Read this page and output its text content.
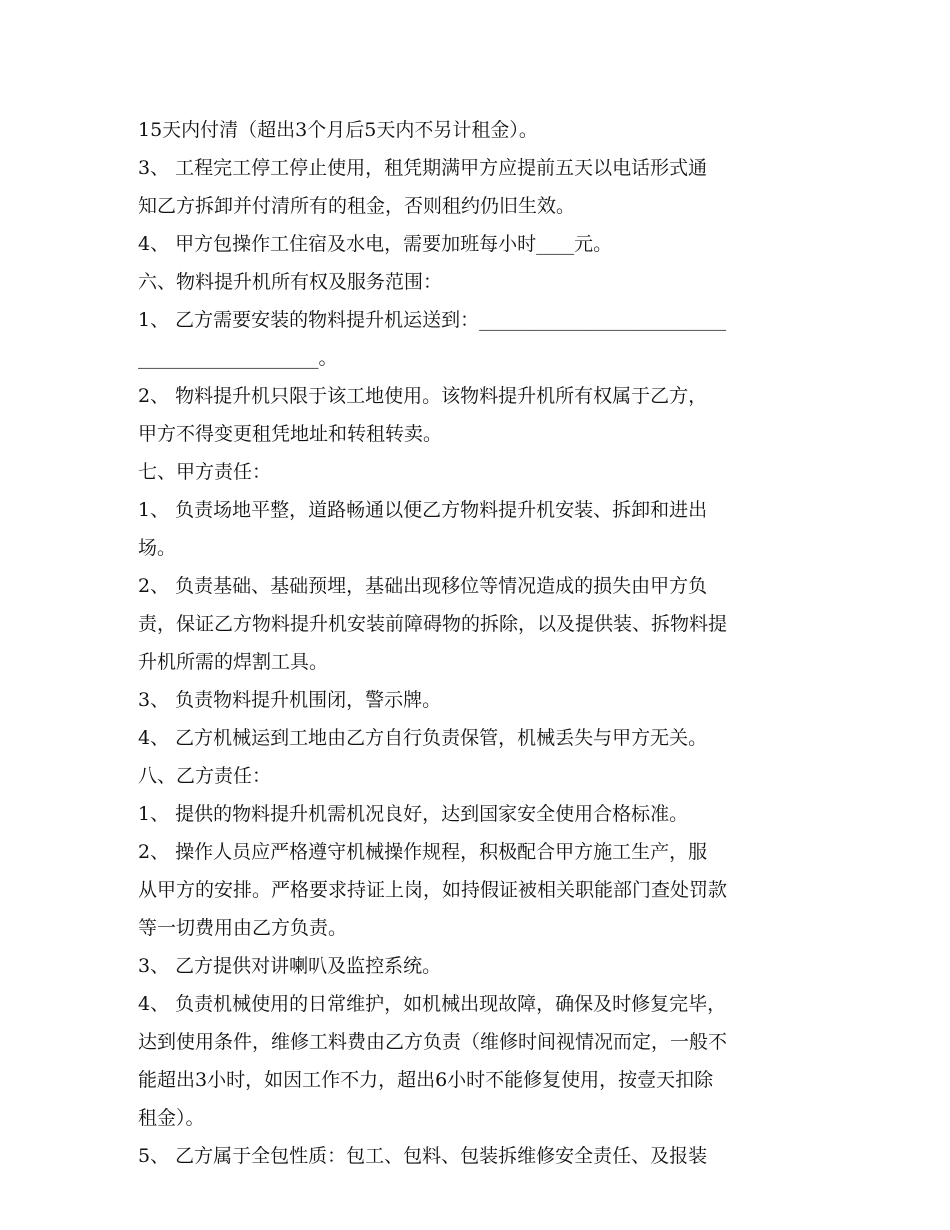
15天内付清（超出3个月后5天内不另计租金）。
3、 工程完工停工停止使用，租凭期满甲方应提前五天以电话形式通
知乙方拆卸并付清所有的租金，否则租约仍旧生效。
4、 甲方包操作工住宿及水电，需要加班每小时____元。
六、物料提升机所有权及服务范围：
1、 乙方需要安装的物料提升机运送到：__________________________
___________________。
2、 物料提升机只限于该工地使用。该物料提升机所有权属于乙方，
甲方不得变更租凭地址和转租转卖。
七、甲方责任：
1、 负责场地平整，道路畅通以便乙方物料提升机安装、拆卸和进出
场。
2、 负责基础、基础预埋，基础出现移位等情况造成的损失由甲方负
责，保证乙方物料提升机安装前障碍物的拆除，以及提供装、拆物料提
升机所需的焊割工具。
3、 负责物料提升机围闭，警示牌。
4、 乙方机械运到工地由乙方自行负责保管，机械丢失与甲方无关。
八、乙方责任：
1、 提供的物料提升机需机况良好，达到国家安全使用合格标准。
2、 操作人员应严格遵守机械操作规程，积极配合甲方施工生产，服
从甲方的安排。严格要求持证上岗，如持假证被相关职能部门查处罚款
等一切费用由乙方负责。
3、 乙方提供对讲喇叭及监控系统。
4、 负责机械使用的日常维护，如机械出现故障，确保及时修复完毕，
达到使用条件，维修工料费由乙方负责（维修时间视情况而定，一般不
能超出3小时，如因工作不力，超出6小时不能修复使用，按壹天扣除
租金）。
5、 乙方属于全包性质：包工、包料、包装拆维修安全责任、及报装
